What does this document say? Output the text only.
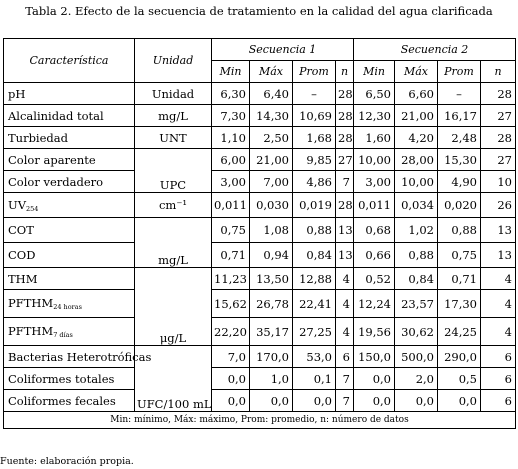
Tabla 2. Efecto de la secuencia de tratamiento en la calidad del agua clarificada
Característica	Unidad	Secuencia 1				Secuencia 2			
		Min	Máx	Prom	n	Min	Máx	Prom	n
pH	Unidad	6,30	6,40	–	28	6,50	6,60	–	28
Alcalinidad total	mg/L	7,30	14,30	10,69	28	12,30	21,00	16,17	27
Turbiedad	UNT	1,10	2,50	1,68	28	1,60	4,20	2,48	28
Color aparente	UPC	6,00	21,00	9,85	27	10,00	28,00	15,30	27
Color verdadero		3,00	7,00	4,86	7	3,00	10,00	4,90	10
$UV_{254}$	cm⁻¹	0,011	0,030	0,019	28	0,011	0,034	0,020	26
COT	mg/L	0,75	1,08	0,88	13	0,68	1,02	0,88	13
COD		0,71	0,94	0,84	13	0,66	0,88	0,75	13
THM	μg/L	11,23	13,50	12,88	4	0,52	0,84	0,71	4
$PFTHM_{24 horas}$		15,62	26,78	22,41	4	12,24	23,57	17,30	4
$PFTHM_{7 días}$		22,20	35,17	27,25	4	19,56	30,62	24,25	4
Bacterias Heterotróficas	UFC/100 mL	7,0	170,0	53,0	6	150,0	500,0	290,0	6
Coliformes totales		0,0	1,0	0,1	7	0,0	2,0	0,5	6
Coliformes fecales		0,0	0,0	0,0	7	0,0	0,0	0,0	6
Min: mínimo, Máx: máximo, Prom: promedio, n: número de datos									
Fuente: elaboración propia.
